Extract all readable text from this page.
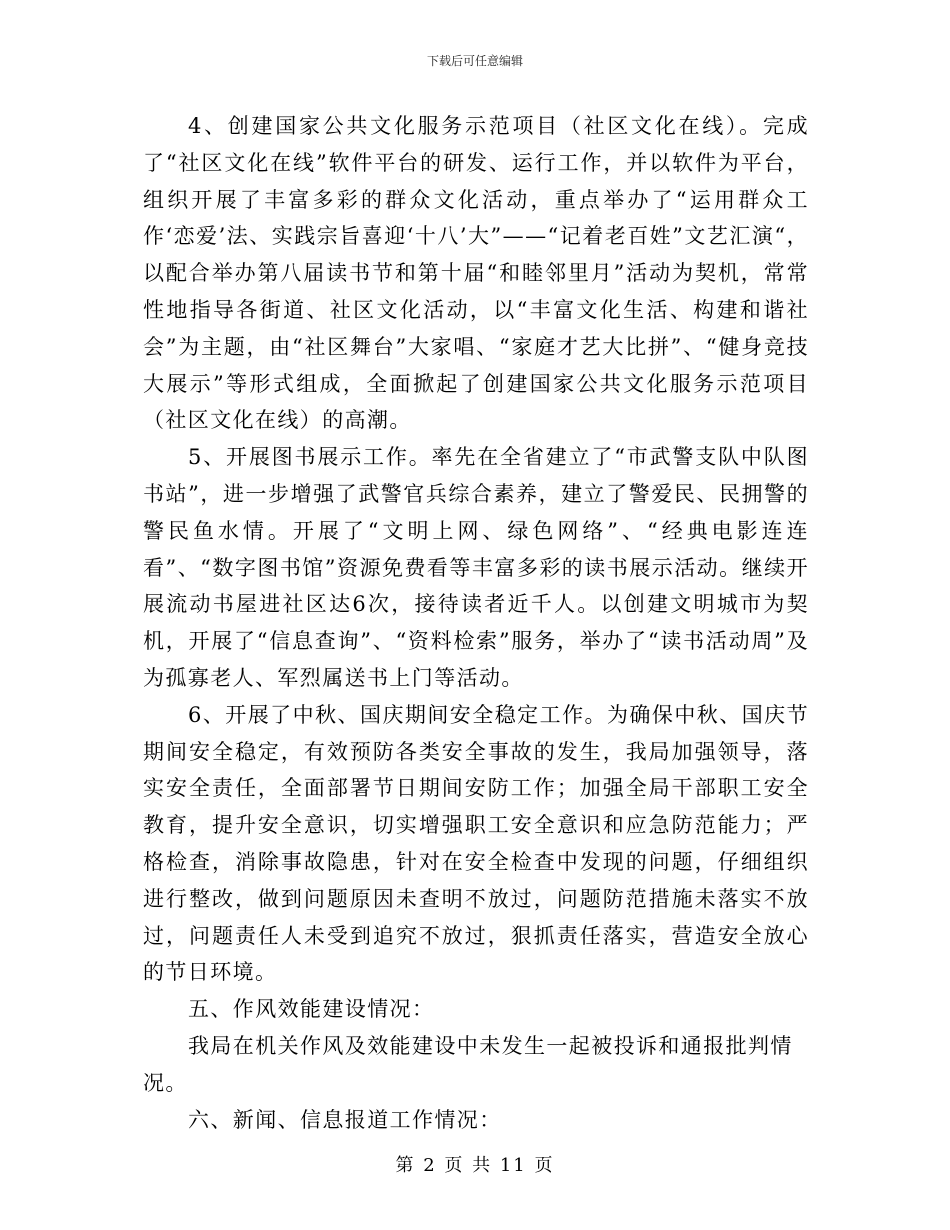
下载后可任意编辑

4、创建国家公共文化服务示范项目（社区文化在线）。完成了“社区文化在线”软件平台的研发、运行工作，并以软件为平台，组织开展了丰富多彩的群众文化活动，重点举办了“运用群众工作‘恋爱’法、实践宗旨喜迎‘十八’大”——“记着老百姓”文艺汇演“，以配合举办第八届读书节和第十届“和睦邻里月”活动为契机，常常性地指导各街道、社区文化活动，以“丰富文化生活、构建和谐社会”为主题，由“社区舞台”大家唱、“家庭才艺大比拼”、“健身竞技大展示”等形式组成，全面掀起了创建国家公共文化服务示范项目（社区文化在线）的高潮。

5、开展图书展示工作。率先在全省建立了“市武警支队中队图书站”，进一步增强了武警官兵综合素养，建立了警爱民、民拥警的警民鱼水情。开展了“文明上网、绿色网络”、“经典电影连连看”、“数字图书馆”资源免费看等丰富多彩的读书展示活动。继续开展流动书屋进社区达6次，接待读者近千人。以创建文明城市为契机，开展了“信息查询”、“资料检索”服务，举办了“读书活动周”及为孤寡老人、军烈属送书上门等活动。

6、开展了中秋、国庆期间安全稳定工作。为确保中秋、国庆节期间安全稳定，有效预防各类安全事故的发生，我局加强领导，落实安全责任，全面部署节日期间安防工作；加强全局干部职工安全教育，提升安全意识，切实增强职工安全意识和应急防范能力；严格检查，消除事故隐患，针对在安全检查中发现的问题，仔细组织进行整改，做到问题原因未查明不放过，问题防范措施未落实不放过，问题责任人未受到追究不放过，狠抓责任落实，营造安全放心的节日环境。

五、作风效能建设情况：

我局在机关作风及效能建设中未发生一起被投诉和通报批判情况。

六、新闻、信息报道工作情况：

第 2 页 共 11 页
